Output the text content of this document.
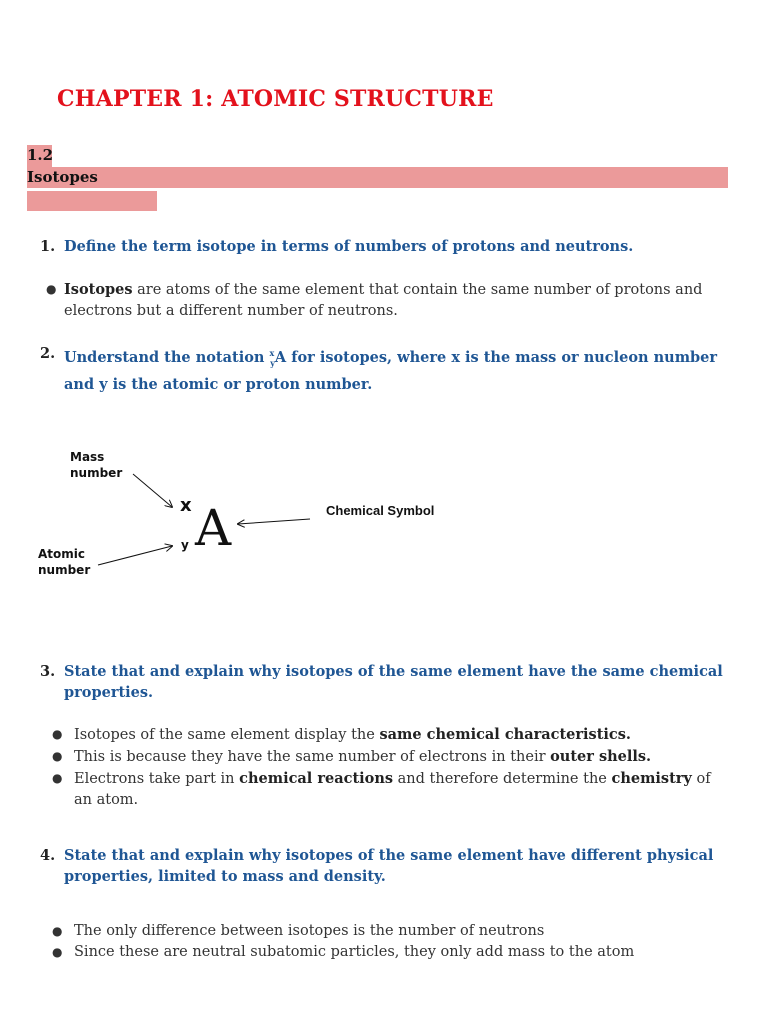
CHAPTER 1: ATOMIC STRUCTURE
1.2
Isotopes
1. Define the term isotope in terms of numbers of protons and neutrons.
● Isotopes are atoms of the same element that contain the same number of protons and electrons but a different number of neutrons.
2. Understand the notation $^x_y$A for isotopes, where x is the mass or nucleon number and y is the atomic or proton number.
Mass number
Atomic number
x
y A	Chemical Symbol
3. State that and explain why isotopes of the same element have the same chemical properties.
● Isotopes of the same element display the same chemical characteristics.
● This is because they have the same number of electrons in their outer shells.
● Electrons take part in chemical reactions and therefore determine the chemistry of an atom.
4. State that and explain why isotopes of the same element have different physical properties, limited to mass and density.
● The only difference between isotopes is the number of neutrons
● Since these are neutral subatomic particles, they only add mass to the atom
